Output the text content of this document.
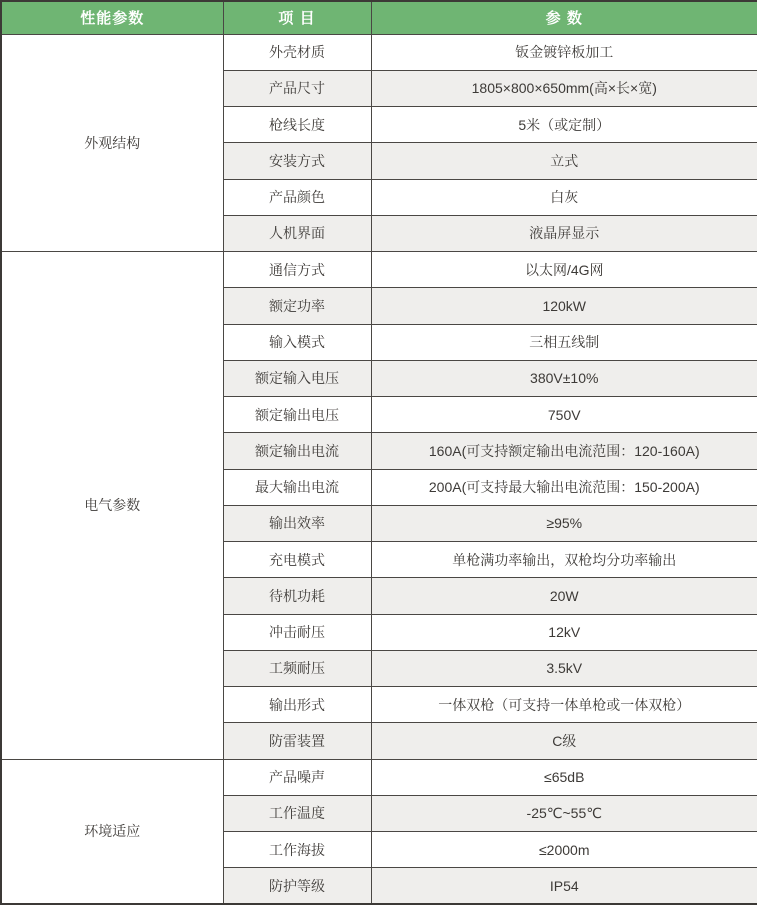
性能参数	项 目	参 数
外观结构	外壳材质	钣金镀锌板加工
	产品尺寸	1805×800×650mm(高×长×宽)
	枪线长度	5米（或定制）
	安装方式	立式
	产品颜色	白灰
	人机界面	液晶屏显示
电气参数	通信方式	以太网/4G网
	额定功率	120kW
	输入模式	三相五线制
	额定输入电压	380V±10%
	额定输出电压	750V
	额定输出电流	160A(可支持额定输出电流范围：120-160A)
	最大输出电流	200A(可支持最大输出电流范围：150-200A)
	输出效率	≥95%
	充电模式	单枪满功率输出，双枪均分功率输出
	待机功耗	20W
	冲击耐压	12kV
	工频耐压	3.5kV
	输出形式	一体双枪（可支持一体单枪或一体双枪）
	防雷装置	C级
环境适应	产品噪声	≤65dB
	工作温度	-25℃~55℃
	工作海拔	≤2000m
	防护等级	IP54
